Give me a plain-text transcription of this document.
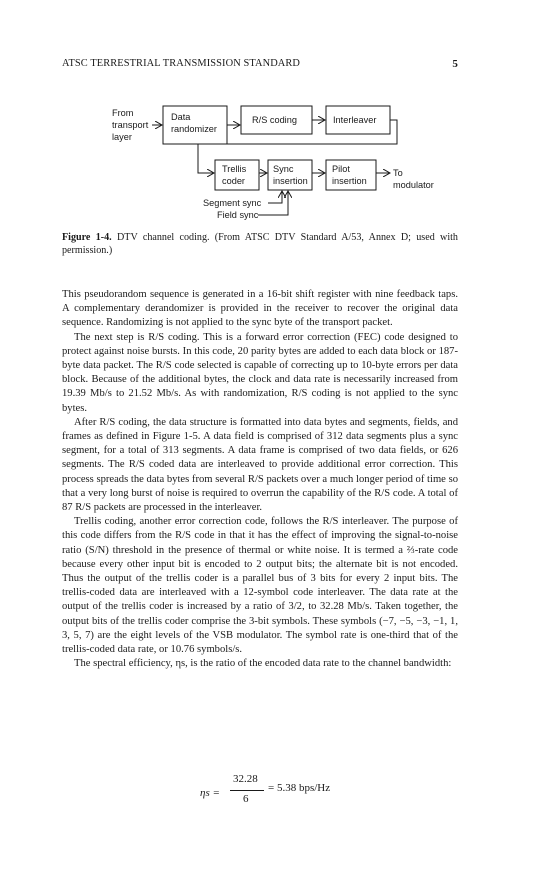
ATSC TERRESTRIAL TRANSMISSION STANDARD	5
From
transport
layer
Data
randomizer
R/S coding	Interleaver
Trellis
coder
Sync
insertion
Pilot
insertion
To
modulator
Segment sync
Field sync
Figure 1-4. DTV channel coding. (From ATSC DTV Standard A/53, Annex D; used with permission.)

This pseudorandom sequence is generated in a 16-bit shift register with nine feedback taps. A complementary derandomizer is provided in the receiver to recover the original data sequence. Randomizing is not applied to the sync byte of the transport packet.

The next step is R/S coding. This is a forward error correction (FEC) code designed to protect against noise bursts. In this code, 20 parity bytes are added to each data block or 187-byte data packet. The R/S code selected is capable of correcting up to 10-byte errors per data block. Because of the additional bytes, the clock and data rate is necessarily increased from 19.39 Mb/s to 21.52 Mb/s. As with randomization, R/S coding is not applied to the sync bytes.

After R/S coding, the data structure is formatted into data bytes and segments, fields, and frames as defined in Figure 1-5. A data field is comprised of 312 data segments plus a sync segment, for a total of 313 segments. A data frame is comprised of two data fields, or 626 segments. The R/S coded data are interleaved to provide additional error correction. This process spreads the data bytes from several R/S packets over a much longer period of time so that a very long burst of noise is required to overrun the capability of the R/S code. A total of 87 R/S packets are processed in the interleaver.

Trellis coding, another error correction code, follows the R/S interleaver. The purpose of this code differs from the R/S code in that it has the effect of improving the signal-to-noise ratio (S/N) threshold in the presence of thermal or white noise. It is termed a ⅔-rate code because every other input bit is encoded to 2 output bits; the alternate bit is not encoded. Thus the output of the trellis coder is a parallel bus of 3 bits for every 2 input bits. The trellis-coded data are interleaved with a 12-symbol code interleaver. The data rate at the output of the trellis coder is increased by a ratio of 3/2, to 32.28 Mb/s. Taken together, the output bits of the trellis coder comprise the 3-bit symbols. These symbols (−7, −5, −3, −1, 1, 3, 5, 7) are the eight levels of the VSB modulator. The symbol rate is one-third that of the trellis-coded data rate, or 10.76 symbols/s.

The spectral efficiency, ηs, is the ratio of the encoded data rate to the channel bandwidth:

ηs =
32.28
6
= 5.38 bps/Hz
